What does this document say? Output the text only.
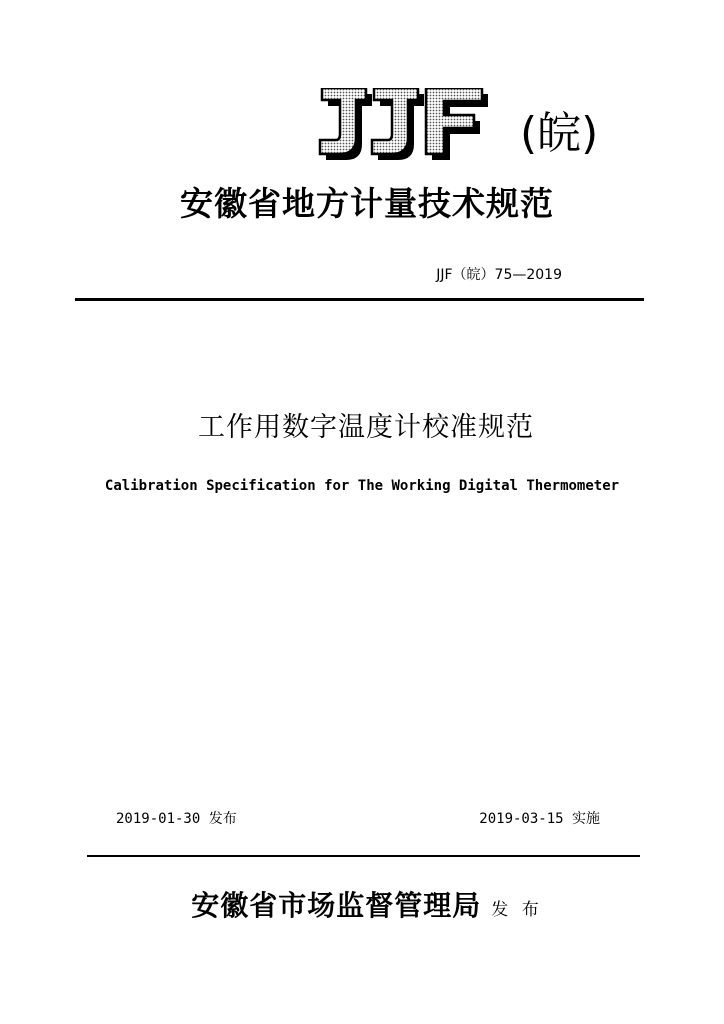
(皖)
安徽省地方计量技术规范
JJF（皖）75—2019
工作用数字温度计校准规范
Calibration Specification for The Working Digital Thermometer
2019-01-30 发布	2019-03-15 实施
安徽省市场监督管理局 发 布
